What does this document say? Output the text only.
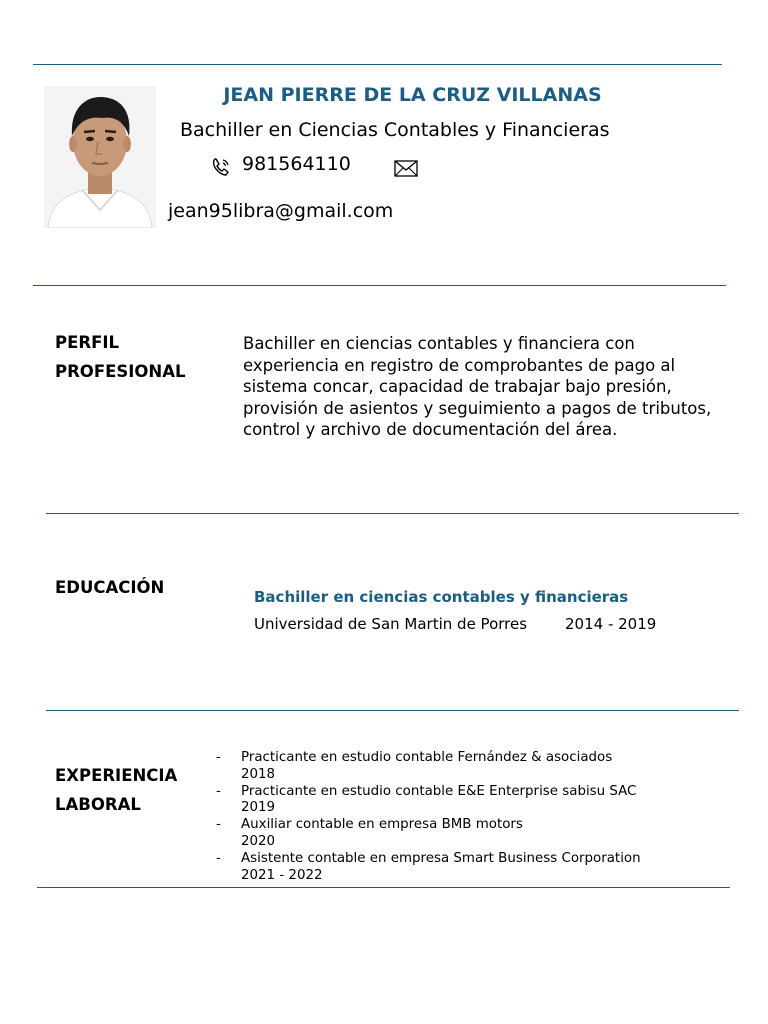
JEAN PIERRE DE LA CRUZ VILLANAS
Bachiller en Ciencias Contables y Financieras
981564110
jean95libra@gmail.com
PERFIL
PROFESIONAL
Bachiller en ciencias contables y financiera con experiencia en registro de comprobantes de pago al sistema concar, capacidad de trabajar bajo presión, provisión de asientos y seguimiento a pagos de tributos, control y archivo de documentación del área.
EDUCACIÓN	Bachiller en ciencias contables y financieras
Universidad de San Martin de Porres	2014 - 2019
EXPERIENCIA
LABORAL
- Practicante en estudio contable Fernández & asociados
2018
- Practicante en estudio contable E&E Enterprise sabisu SAC
2019
- Auxiliar contable en empresa BMB motors
2020
- Asistente contable en empresa Smart Business Corporation
2021 - 2022
